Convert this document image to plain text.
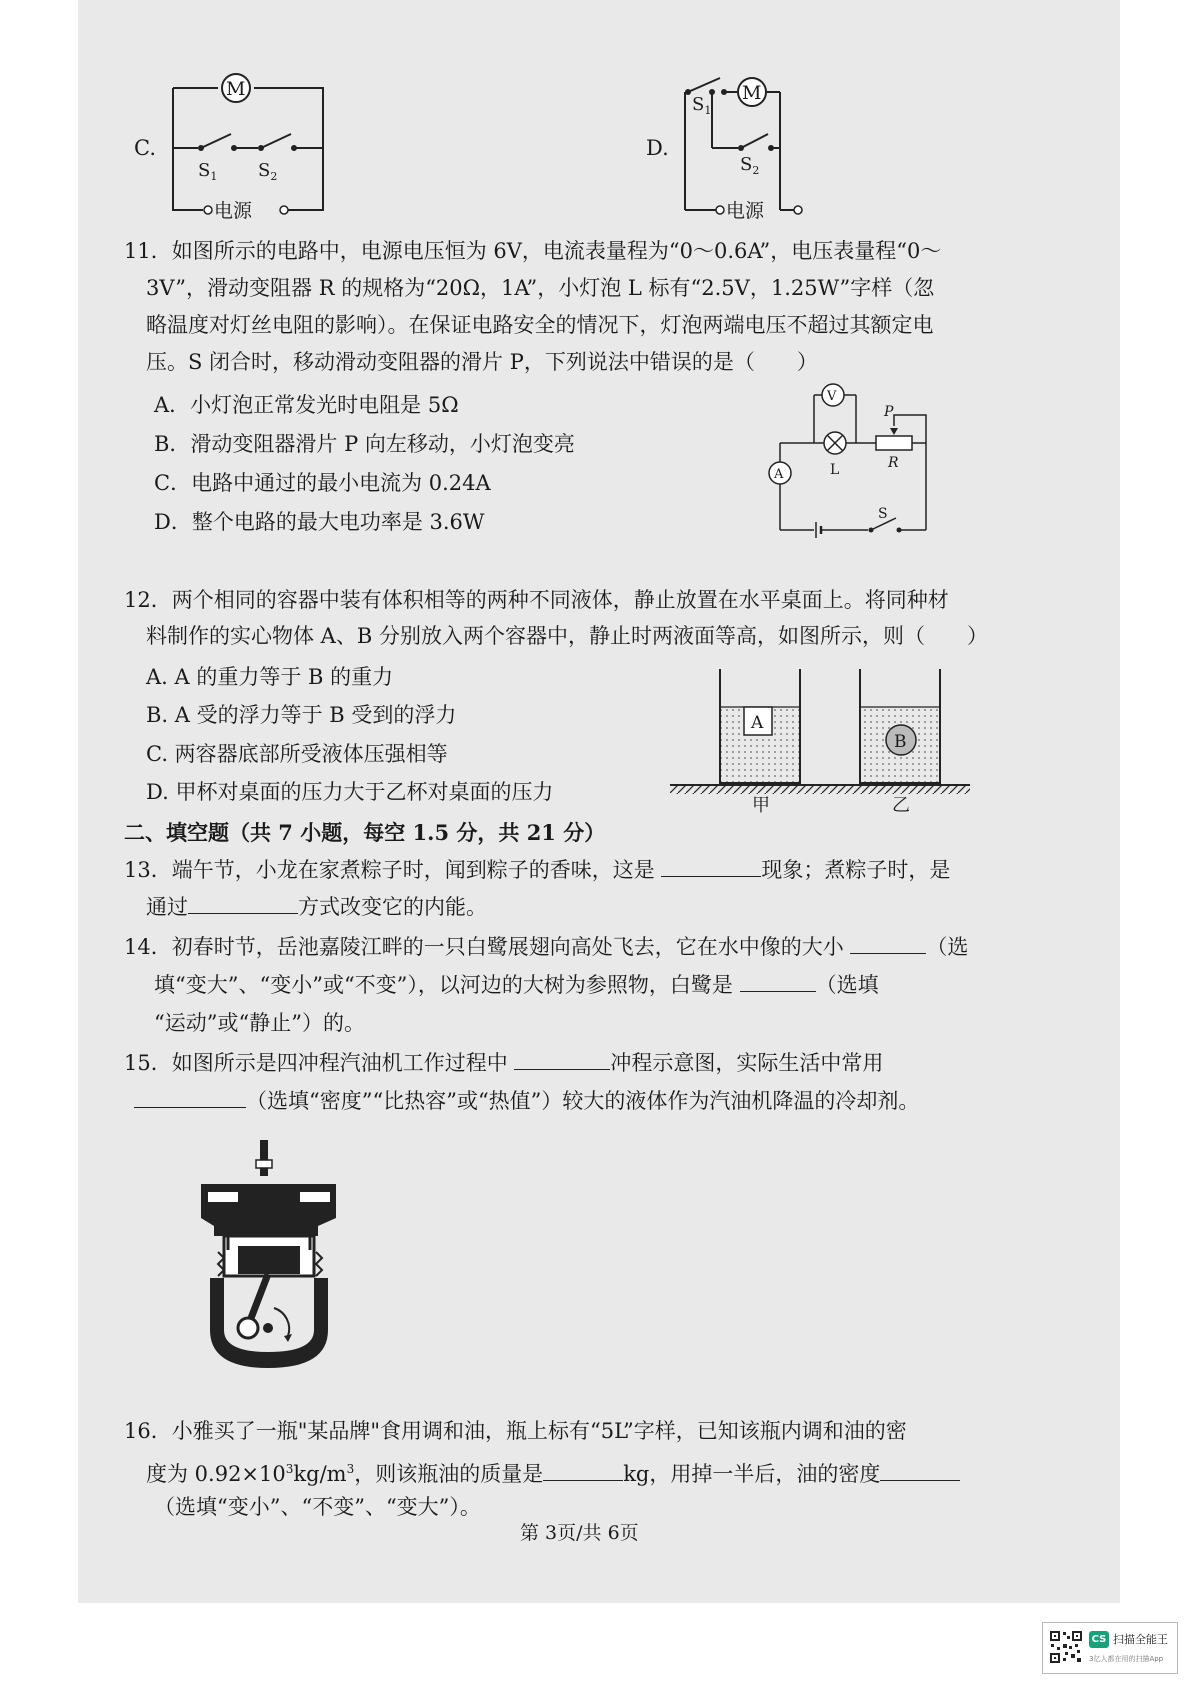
C.
M
电源
$S_1$ $S_2$
D.
$S_1$
M
$S_2$
电源
11．如图所示的电路中，电源电压恒为 6V，电流表量程为“0～0.6A”，电压表量程“0～
3V”，滑动变阻器 R 的规格为“20Ω，1A”，小灯泡 L 标有“2.5V，1.25W”字样（忽
略温度对灯丝电阻的影响）。在保证电路安全的情况下，灯泡两端电压不超过其额定电
压。S 闭合时，移动滑动变阻器的滑片 P，下列说法中错误的是（　　）
A．小灯泡正常发光时电阻是 5Ω
B．滑动变阻器滑片 P 向左移动，小灯泡变亮
C．电路中通过的最小电流为 0.24A
D．整个电路的最大电功率是 3.6W
V
L
P
R
A
S
12．两个相同的容器中装有体积相等的两种不同液体，静止放置在水平桌面上。将同种材
料制作的实心物体 A、B 分别放入两个容器中，静止时两液面等高，如图所示，则（　　）
A. A 的重力等于 B 的重力
B. A 受的浮力等于 B 受到的浮力
C. 两容器底部所受液体压强相等
D. 甲杯对桌面的压力大于乙杯对桌面的压力
A
B
甲	乙
二、填空题（共 7 小题，每空 1.5 分，共 21 分）
13．端午节，小龙在家煮粽子时，闻到粽子的香味，这是	现象；煮粽子时，是
通过	方式改变它的内能。
14．初春时节，岳池嘉陵江畔的一只白鹭展翅向高处飞去，它在水中像的大小	（选
填“变大”、“变小”或“不变”），以河边的大树为参照物，白鹭是	（选填
“运动”或“静止”）的。
15．如图所示是四冲程汽油机工作过程中	冲程示意图，实际生活中常用
（选填“密度”“比热容”或“热值”）较大的液体作为汽油机降温的冷却剂。
16．小雅买了一瓶"某品牌"食用调和油，瓶上标有“5L”字样，已知该瓶内调和油的密
度为 $0.92\times 10^3kg/m^3$，则该瓶油的质量是	kg，用掉一半后，油的密度
（选填“变小”、“不变”、“变大”）。
第 3页/共 6页
CS 扫描全能王
3亿人都在用的扫描App
